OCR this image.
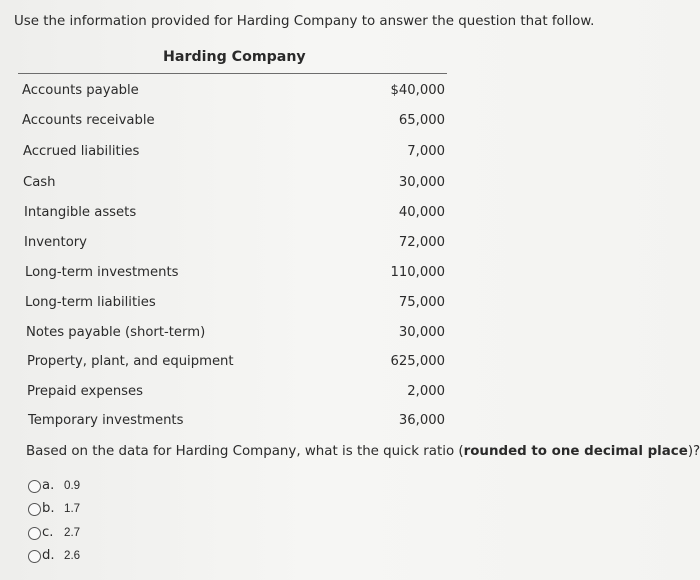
Use the information provided for Harding Company to answer the question that follow.
Harding Company
Accounts payable	$40,000
Accounts receivable	65,000
Accrued liabilities	7,000
Cash	30,000
Intangible assets	40,000
Inventory	72,000
Long-term investments	110,000
Long-term liabilities	75,000
Notes payable (short-term)	30,000
Property, plant, and equipment	625,000
Prepaid expenses	2,000
Temporary investments	36,000
Based on the data for Harding Company, what is the quick ratio (rounded to one decimal place)?
a. 0.9
b. 1.7
c. 2.7
d. 2.6
